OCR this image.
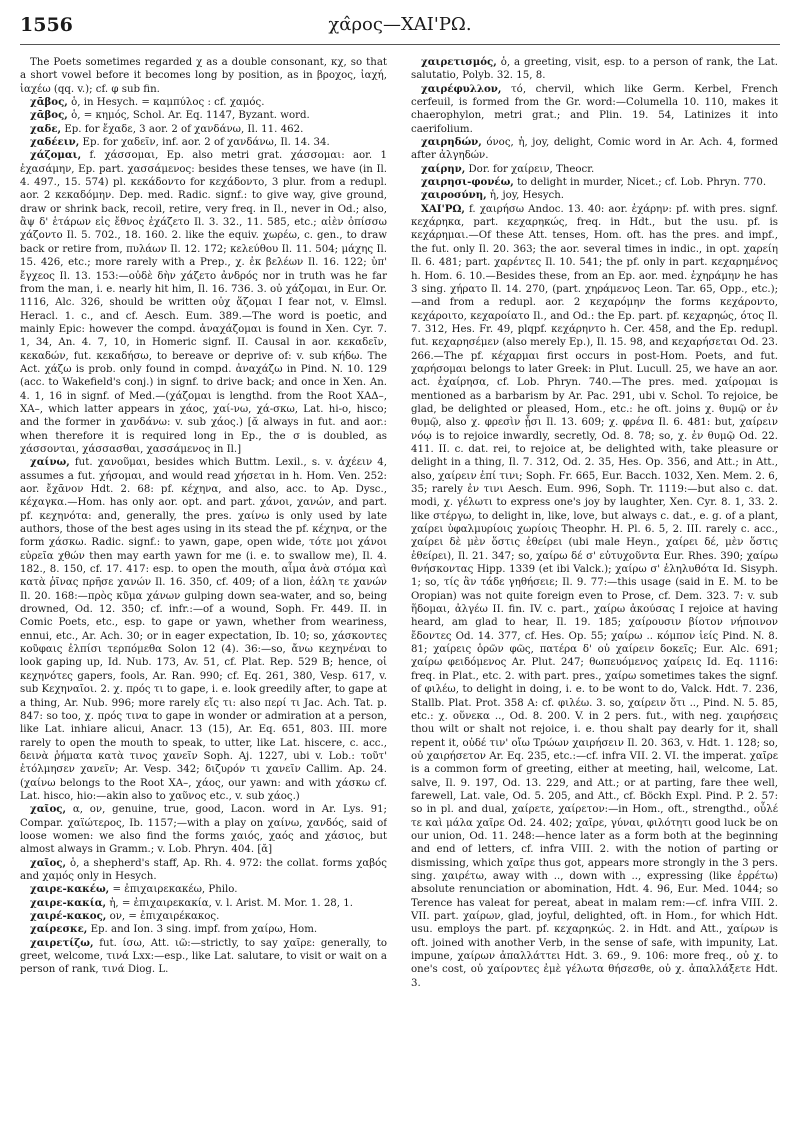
1556	χα̂ρος—ΧΑΙ'ΡΩ.

The Poets sometimes regarded χ as a double consonant, κχ, so that a short vowel before it becomes long by position, as in βροχος, ἰαχή, ἰαχέω (qq. v.); cf. φ sub fin.

χᾱβος, ὁ, in Hesych. = καμπύλος : cf. χαμός.

χᾱβος, ὁ, = κημός, Schol. Ar. Eq. 1147, Byzant. word.

χαδε, Ep. for ἔχαδε, 3 aor. 2 of χανδάνω, Il. 11. 462.

χαδέειν, Ep. for χαδεῖν, inf. aor. 2 of χανδάνω, Il. 14. 34.

χάζομαι, f. χάσσομαι, Ep. also metri grat. χάσσομαι: aor. 1 ἐχασάμην, Ep. part. χασσάμενος: besides these tenses, we have (in Il. 4. 497., 15. 574) pl. κεκάδοντο for κεχάδοντο, 3 plur. from a redupl. aor. 2 κεκαδόμην. Dep. med. Radic. signf.: to give way, give ground, draw or shrink back, recoil, retire, very freq. in Il., never in Od.; also, ἂψ δ' ἑτάρων εἰς ἔθνος ἐχάζετο Il. 3. 32., 11. 585, etc.; αἰὲν ὀπίσσω χάζοντο Il. 5. 702., 18. 160. 2. like the equiv. χωρέω, c. gen., to draw back or retire from, πυλάων Il. 12. 172; κελεύθου Il. 11. 504; μάχης Il. 15. 426, etc.; more rarely with a Prep., χ. ἐκ βελέων Il. 16. 122; ὑπ' ἔγχεος Il. 13. 153:—οὐδὲ δὴν χάζετο ἀνδρός nor in truth was he far from the man, i. e. nearly hit him, Il. 16. 736. 3. οὐ χάζομαι, in Eur. Or. 1116, Alc. 326, should be written οὐχ ἅζομαι I fear not, v. Elmsl. Heracl. 1. c., and cf. Aesch. Eum. 389.—The word is poetic, and mainly Epic: however the compd. ἀναχάζομαι is found in Xen. Cyr. 7. 1, 34, An. 4. 7, 10, in Homeric signf. II. Causal in aor. κεκαδεῖν, κεκαδών, fut. κεκαδήσω, to bereave or deprive of: v. sub κήδω. The Act. χάζω is prob. only found in compd. ἀναχάζω in Pind. N. 10. 129 (acc. to Wakefield's conj.) in signf. to drive back; and once in Xen. An. 4. 1, 16 in signf. of Med.—(χάζομαι is lengthd. from the Root ΧΑΔ–, ΧΑ–, which latter appears in χάος, χαί-νω, χά-σκω, Lat. hi-o, hisco; and the former in χανδάνω: v. sub χάος.) [ᾰ always in fut. and aor.: when therefore it is required long in Ep., the σ is doubled, as χάσσονται, χάσσασθαι, χασσάμενος in Il.]

χαίνω, fut. χανοῦμαι, besides which Buttm. Lexil., s. v. ἀχέειν 4, assumes a fut. χήσομαι, and would read χήσεται in h. Hom. Ven. 252: aor. ἔχᾱνον Hdt. 2. 68: pf. κέχηνα, and also, acc. to Ap. Dysc., κέχαγκα.—Hom. has only aor. opt. and part. χάνοι, χανών, and part. pf. κεχηνότα: and, generally, the pres. χαίνω is only used by late authors, those of the best ages using in its stead the pf. κέχηνα, or the form χάσκω. Radic. signf.: to yawn, gape, open wide, τότε μοι χάνοι εὐρεῖα χθών then may earth yawn for me (i. e. to swallow me), Il. 4. 182., 8. 150, cf. 17. 417: esp. to open the mouth, αἷμα ἀνὰ στόμα καὶ κατὰ ῥῖνας πρῆσε χανών Il. 16. 350, cf. 409; of a lion, ἐάλη τε χανών Il. 20. 168:—πρὸς κῦμα χάνων gulping down sea-water, and so, being drowned, Od. 12. 350; cf. infr.:—of a wound, Soph. Fr. 449. II. in Comic Poets, etc., esp. to gape or yawn, whether from weariness, ennui, etc., Ar. Ach. 30; or in eager expectation, Ib. 10; so, χάσκοντες κοῦφαις ἐλπίσι τερπόμεθα Solon 12 (4). 36:—so, ἄνω κεχηνέναι to look gaping up, Id. Nub. 173, Av. 51, cf. Plat. Rep. 529 B; hence, οἱ κεχηνότες gapers, fools, Ar. Ran. 990; cf. Eq. 261, 380, Vesp. 617, v. sub Κεχηναῖοι. 2. χ. πρός τι to gape, i. e. look greedily after, to gape at a thing, Ar. Nub. 996; more rarely εἴς τι: also περί τι Jac. Ach. Tat. p. 847: so too, χ. πρός τινα to gape in wonder or admiration at a person, like Lat. inhiare alicui, Anacr. 13 (15), Ar. Eq. 651, 803. III. more rarely to open the mouth to speak, to utter, like Lat. hiscere, c. acc., δεινὰ ῥήματα κατὰ τινος χανεῖν Soph. Aj. 1227, ubi v. Lob.: τοῦτ' ἐτόλμησεν χανεῖν; Ar. Vesp. 342; διζυρόν τι χανεῖν Callim. Ap. 24. (χαίνω belongs to the Root ΧΑ–, χάος, our yawn: and with χάσκω cf. Lat. hisco, hio:—akin also to χαῦνος etc., v. sub χάος.)

χαῖος, α, ον, genuine, true, good, Lacon. word in Ar. Lys. 91; Compar. χαϊώτερος, Ib. 1157;—with a play on χαίνω, χανδός, said of loose women: we also find the forms χαιός, χαός and χάσιος, but almost always in Gramm.; v. Lob. Phryn. 404. [ᾰ]

χαῖος, ὁ, a shepherd's staff, Ap. Rh. 4. 972: the collat. forms χαβός and χαμός only in Hesych.

χαιρε-κακέω, = ἐπιχαιρεκακέω, Philo.

χαιρε-κακία, ἡ, = ἐπιχαιρεκακία, v. l. Arist. M. Mor. 1. 28, 1.

χαιρέ-κακος, ον, = ἐπιχαιρέκακος.

χαίρεσκε, Ep. and Ion. 3 sing. impf. from χαίρω, Hom.

χαιρετίζω, fut. ίσω, Att. ιῶ:—strictly, to say χαῖρε: generally, to greet, welcome, τινά Lxx:—esp., like Lat. salutare, to visit or wait on a person of rank, τινά Diog. L.

χαιρετισμός, ὁ, a greeting, visit, esp. to a person of rank, the Lat. salutatio, Polyb. 32. 15, 8.

χαιρέφυλλον, τό, chervil, which like Germ. Kerbel, French cerfeuil, is formed from the Gr. word:—Columella 10. 110, makes it chaerophylon, metri grat.; and Plin. 19. 54, Latinizes it into caerifolium.

χαιρηδών, όνος, ἡ, joy, delight, Comic word in Ar. Ach. 4, formed after ἀλγηδών.

χαίρην, Dor. for χαίρειν, Theocr.

χαιρησι-φονέω, to delight in murder, Nicet.; cf. Lob. Phryn. 770.

χαιροσύνη, ἡ, joy, Hesych.

ΧΑΙ'ΡΩ, f. χαιρήσω Andoc. 13. 40: aor. ἐχάρην: pf. with pres. signf. κεχάρηκα, part. κεχαρηκώς, freq. in Hdt., but the usu. pf. is κεχάρημαι.—Of these Att. tenses, Hom. oft. has the pres. and impf., the fut. only Il. 20. 363; the aor. several times in indic., in opt. χαρείη Il. 6. 481; part. χαρέντες Il. 10. 541; the pf. only in part. κεχαρημένος h. Hom. 6. 10.—Besides these, from an Ep. aor. med. ἐχηράμην he has 3 sing. χήρατο Il. 14. 270, (part. χηράμενος Leon. Tar. 65, Opp., etc.);—and from a redupl. aor. 2 κεχαρόμην the forms κεχάροντο, κεχάροιτο, κεχαροίατο Il., and Od.: the Ep. part. pf. κεχαρηώς, ότος Il. 7. 312, Hes. Fr. 49, plqpf. κεχάρηντο h. Cer. 458, and the Ep. redupl. fut. κεχαρησέμεν (also merely Ep.), Il. 15. 98, and κεχαρήσεται Od. 23. 266.—The pf. κέχαρμαι first occurs in post-Hom. Poets, and fut. χαρήσομαι belongs to later Greek: in Plut. Lucull. 25, we have an aor. act. ἐχαίρησα, cf. Lob. Phryn. 740.—The pres. med. χαίρομαι is mentioned as a barbarism by Ar. Pac. 291, ubi v. Schol. To rejoice, be glad, be delighted or pleased, Hom., etc.: he oft. joins χ. θυμῷ or ἐν θυμῷ, also χ. φρεσὶν ᾗσι Il. 13. 609; χ. φρένα Il. 6. 481: but, χαίρειν νόῳ is to rejoice inwardly, secretly, Od. 8. 78; so, χ. ἐν θυμῷ Od. 22. 411. II. c. dat. rei, to rejoice at, be delighted with, take pleasure or delight in a thing, Il. 7. 312, Od. 2. 35, Hes. Op. 356, and Att.; in Att., also, χαίρειν ἐπί τινι; Soph. Fr. 665, Eur. Bacch. 1032, Xen. Mem. 2. 6, 35; rarely ἐν τινι Aesch. Eum. 996, Soph. Tr. 1119:—but also c. dat. modi, χ. γέλωτι to express one's joy by laughter, Xen. Cyr. 8. 1, 33. 2. like στέργω, to delight in, like, love, but always c. dat., e. g. of a plant, χαίρει ὑφαλμυρίοις χωρίοις Theophr. H. Pl. 6. 5, 2. III. rarely c. acc., χαίρει δὲ μὲν ὅστις ἐθείρει (ubi male Heyn., χαίρει δέ, μὲν ὅστις ἐθείρει), Il. 21. 347; so, χαίρω δέ σ' εὐτυχοῦντα Eur. Rhes. 390; χαίρω θνήσκοντας Hipp. 1339 (et ibi Valck.); χαίρω σ' ἐληλυθότα Id. Sisyph. 1; so, τίς ἂν τάδε γηθήσειε; Il. 9. 77:—this usage (said in E. M. to be Oropian) was not quite foreign even to Prose, cf. Dem. 323. 7: v. sub ἥδομαι, ἀλγέω II. fin. IV. c. part., χαίρω ἀκούσας I rejoice at having heard, am glad to hear, Il. 19. 185; χαίρουσιν βίοτον νήποινον ἔδοντες Od. 14. 377, cf. Hes. Op. 55; χαίρω .. κόμπον ἱείς Pind. N. 8. 81; χαίρεις ὁρῶν φῶς, πατέρα δ' οὐ χαίρειν δοκεῖς; Eur. Alc. 691; χαίρω φειδόμενος Ar. Plut. 247; θωπευόμενος χαίρεις Id. Eq. 1116: freq. in Plat., etc. 2. with part. pres., χαίρω sometimes takes the signf. of φιλέω, to delight in doing, i. e. to be wont to do, Valck. Hdt. 7. 236, Stallb. Plat. Prot. 358 A: cf. φιλέω. 3. so, χαίρειν ὅτι .., Pind. N. 5. 85, etc.: χ. οὕνεκα .., Od. 8. 200. V. in 2 pers. fut., with neg. χαιρήσεις thou wilt or shalt not rejoice, i. e. thou shalt pay dearly for it, shall repent it, οὐδέ τιν' οἴω Τρώων χαιρήσειν Il. 20. 363, v. Hdt. 1. 128; so, οὐ χαιρήσετον Ar. Eq. 235, etc.:—cf. infra VII. 2. VI. the imperat. χαῖρε is a common form of greeting, either at meeting, hail, welcome, Lat. salve, Il. 9. 197, Od. 13. 229, and Att.; or at parting, fare thee well, farewell, Lat. vale, Od. 5. 205, and Att., cf. Böckh Expl. Pind. P. 2. 57: so in pl. and dual, χαίρετε, χαίρετον:—in Hom., oft., strengthd., οὖλέ τε καὶ μάλα χαῖρε Od. 24. 402; χαῖρε, γύναι, φιλότητι good luck be on our union, Od. 11. 248:—hence later as a form both at the beginning and end of letters, cf. infra VIII. 2. with the notion of parting or dismissing, which χαῖρε thus got, appears more strongly in the 3 pers. sing. χαιρέτω, away with .., down with .., expressing (like ἐρρέτω) absolute renunciation or abomination, Hdt. 4. 96, Eur. Med. 1044; so Terence has valeat for pereat, abeat in malam rem:—cf. infra VIII. 2. VII. part. χαίρων, glad, joyful, delighted, oft. in Hom., for which Hdt. usu. employs the part. pf. κεχαρηκώς. 2. in Hdt. and Att., χαίρων is oft. joined with another Verb, in the sense of safe, with impunity, Lat. impune, χαίρων ἀπαλλάττει Hdt. 3. 69., 9. 106: more freq., οὐ χ. to one's cost, οὐ χαίροντες ἐμὲ γέλωτα θήσεσθε, οὐ χ. ἀπαλλάξετε Hdt. 3.
